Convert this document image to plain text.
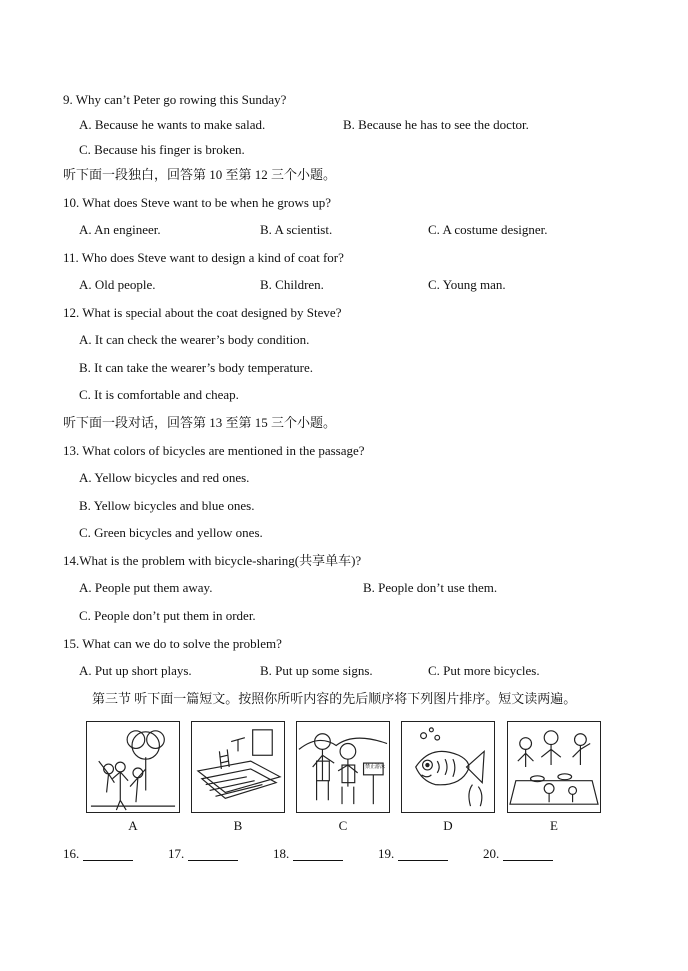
9. Why can’t Peter go rowing this Sunday?
A. Because he wants to make salad.	B. Because he has to see the doctor.
C. Because his finger is broken.
听下面一段独白，回答第 10 至第 12 三个小题。
10. What does Steve want to be when he grows up?
A. An engineer.	B. A scientist.	C. A costume designer.
11. Who does Steve want to design a kind of coat for?
A. Old people.	B. Children.	C. Young man.
12. What is special about the coat designed by Steve?
A. It can check the wearer’s body condition.
B. It can take the wearer’s body temperature.
C. It is comfortable and cheap.
听下面一段对话，回答第 13 至第 15 三个小题。
13. What colors of bicycles are mentioned in the passage?
A. Yellow bicycles and red ones.
B. Yellow bicycles and blue ones.
C. Green bicycles and yellow ones.
14.What is the problem with bicycle-sharing(共享单车)?
A. People put them away.	B. People don’t use them.
C. People don’t put them in order.
15. What can we do to solve the problem?
A. Put up short plays.	B. Put up some signs.	C. Put more bicycles.
第三节 听下面一篇短文。按照你所听内容的先后顺序将下列图片排序。短文读两遍。
A	B
禁止游泳
C	D	E
16.	17.	18.	19.	20.
